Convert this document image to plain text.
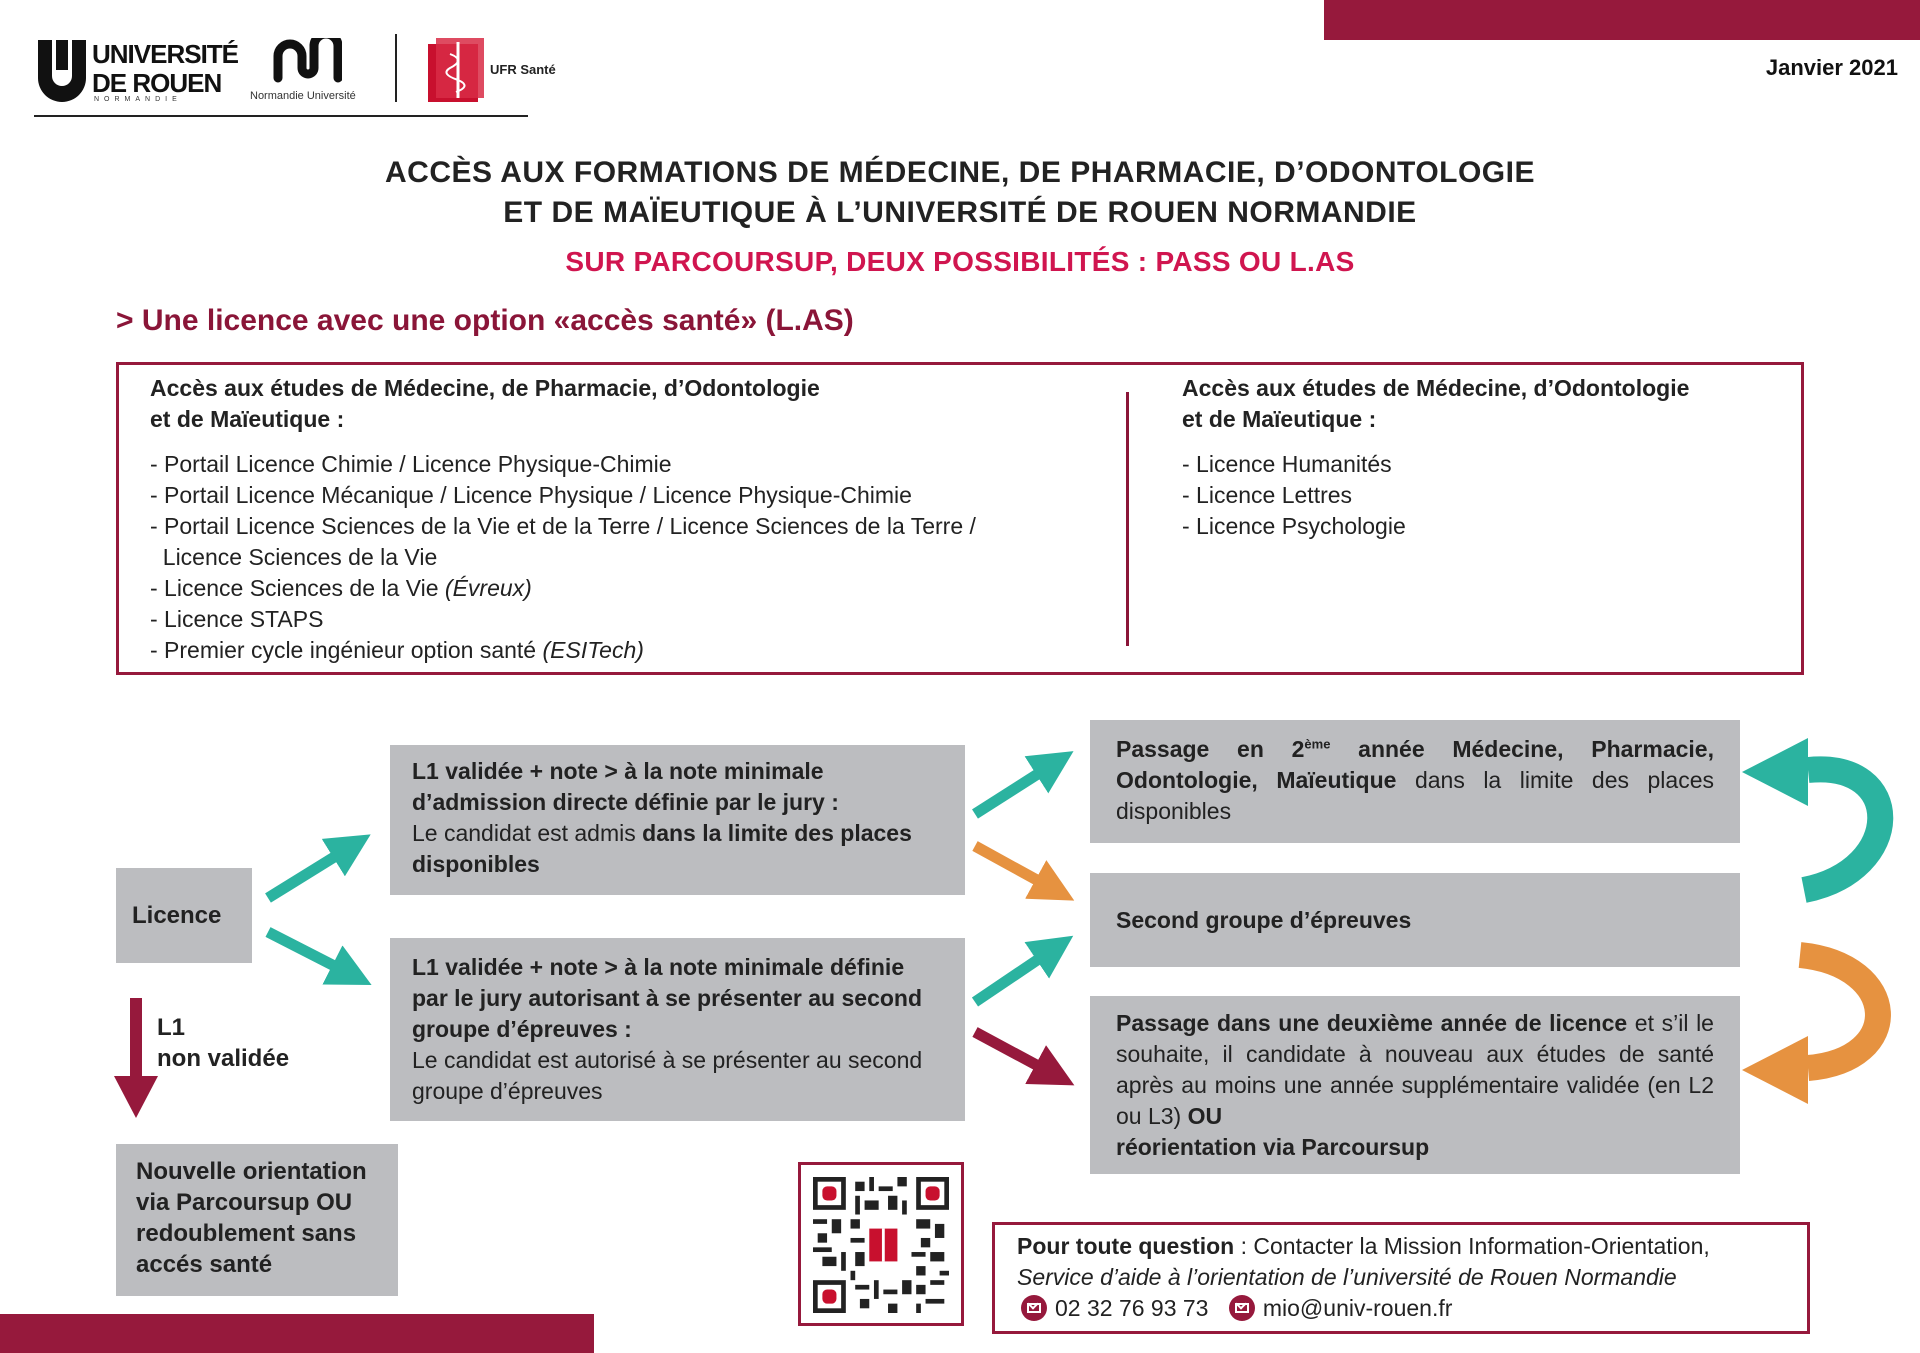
UNIVERSITÉ
DE ROUEN
NORMANDIE	Normandie Université
UFR Santé	Janvier 2021
ACCÈS AUX FORMATIONS DE MÉDECINE, DE PHARMACIE, D’ODONTOLOGIE
ET DE MAÏEUTIQUE À L’UNIVERSITÉ DE ROUEN NORMANDIE
SUR PARCOURSUP, DEUX POSSIBILITÉS : PASS OU L.AS
> Une licence avec une option «accès santé» (L.AS)
Accès aux études de Médecine, de Pharmacie, d’Odontologie
et de Maïeutique :
- Portail Licence Chimie / Licence Physique-Chimie
- Portail Licence Mécanique / Licence Physique / Licence Physique-Chimie
- Portail Licence Sciences de la Vie et de la Terre / Licence Sciences de la Terre /
Licence Sciences de la Vie
- Licence Sciences de la Vie (Évreux)
- Licence STAPS
- Premier cycle ingénieur option santé (ESITech)
Accès aux études de Médecine, d’Odontologie
et de Maïeutique :
- Licence Humanités
- Licence Lettres
- Licence Psychologie
Licence
L1
non validée
L1 validée + note > à la note minimale d’admission directe définie par le jury :
Le candidat est admis dans la limite des places disponibles
L1 validée + note > à la note minimale définie par le jury autorisant à se présenter au second groupe d’épreuves :
Le candidat est autorisé à se présenter au second groupe d’épreuves
Passage en 2ème année Médecine, Pharmacie, Odontologie, Maïeutique dans la limite des places disponibles
Second groupe d’épreuves
Passage dans une deuxième année de licence et s’il le souhaite, il candidate à nouveau aux études de santé après au moins une année supplémentaire validée (en L2 ou L3) OU
réorientation via Parcoursup
Nouvelle orientation via Parcoursup OU redoublement sans accés santé
Pour toute question : Contacter la Mission Information-Orientation,
Service d’aide à l’orientation de l’université de Rouen Normandie
02 32 76 93 73 mio@univ-rouen.fr
